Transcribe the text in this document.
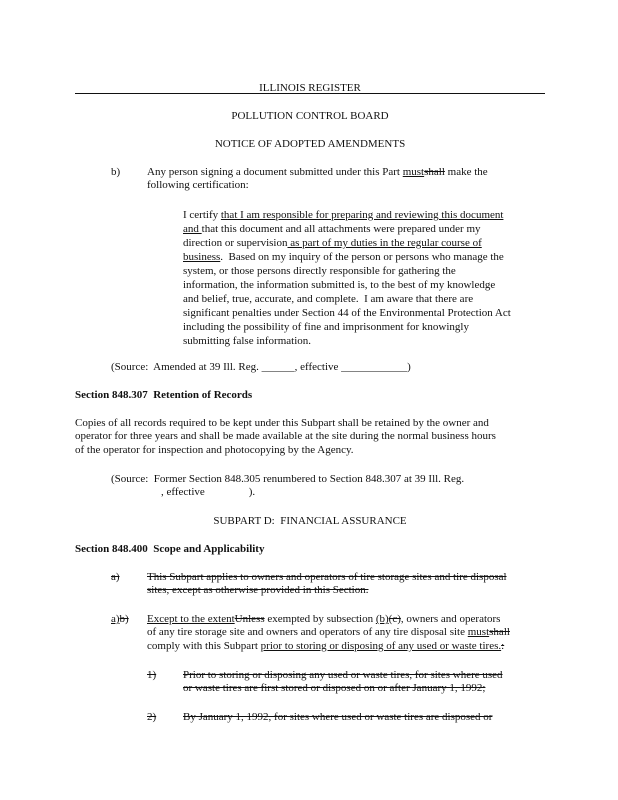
ILLINOIS REGISTER
POLLUTION CONTROL BOARD
NOTICE OF ADOPTED AMENDMENTS
b) Any person signing a document submitted under this Part mustshall make the

following certification:

I certify that I am responsible for preparing and reviewing this document

and that this document and all attachments were prepared under my

direction or supervision as part of my duties in the regular course of

business.  Based on my inquiry of the person or persons who manage the

system, or those persons directly responsible for gathering the

information, the information submitted is, to the best of my knowledge

and belief, true, accurate, and complete.  I am aware that there are

significant penalties under Section 44 of the Environmental Protection Act

including the possibility of fine and imprisonment for knowingly

submitting false information.

(Source:  Amended at 39 Ill. Reg. ______, effective ____________)
Section 848.307  Retention of Records

Copies of all records required to be kept under this Subpart shall be retained by the owner and

operator for three years and shall be made available at the site during the normal business hours

of the operator for inspection and photocopying by the Agency.

(Source:  Former Section 848.305 renumbered to Section 848.307 at 39 Ill. Reg.

, effective                ).

SUBPART D:  FINANCIAL ASSURANCE
Section 848.400  Scope and Applicability
a) This Subpart applies to owners and operators of tire storage sites and tire disposal

sites, except as otherwise provided in this Section.

a)b) Except to the extentUnless exempted by subsection (b)(c), owners and operators

of any tire storage site and owners and operators of any tire disposal site mustshall

comply with this Subpart prior to storing or disposing of any used or waste tires.:

1) Prior to storing or disposing any used or waste tires, for sites where used

or waste tires are first stored or disposed on or after January 1, 1992;

2) By January 1, 1992, for sites where used or waste tires are disposed or
